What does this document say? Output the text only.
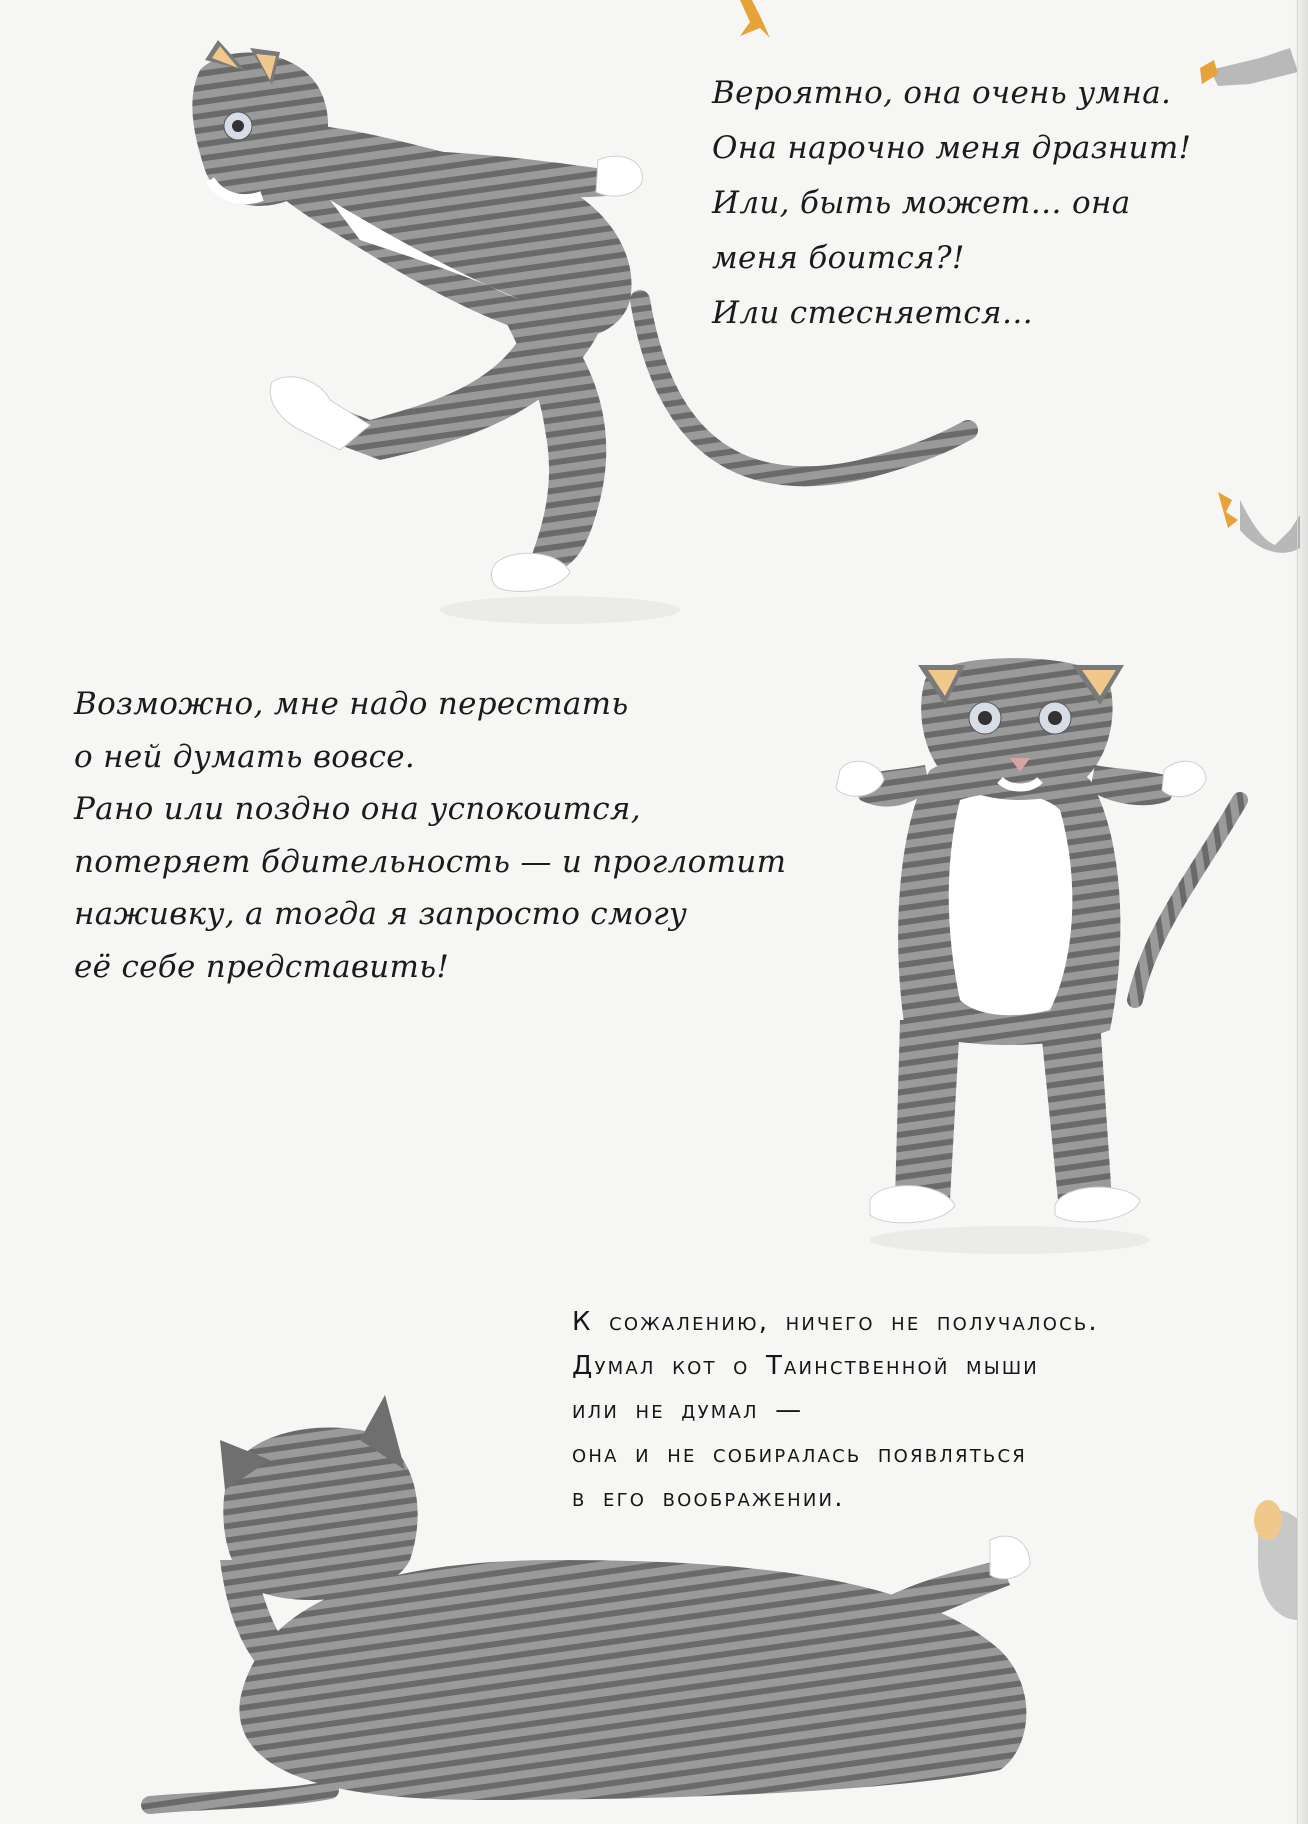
Вероятно, она очень умна.
Она нарочно меня дразнит!
Или, быть может… она
меня боится?!
Или стесняется…
Возможно, мне надо перестать
о ней думать вовсе.
Рано или поздно она успокоится,
потеряет бдительность — и проглотит
наживку, а тогда я запросто смогу
её себе представить!
К сожалению, ничего не получалось.
Думал кот о Таинственной мыши
или не думал —
она и не собиралась появляться
в его воображении.
